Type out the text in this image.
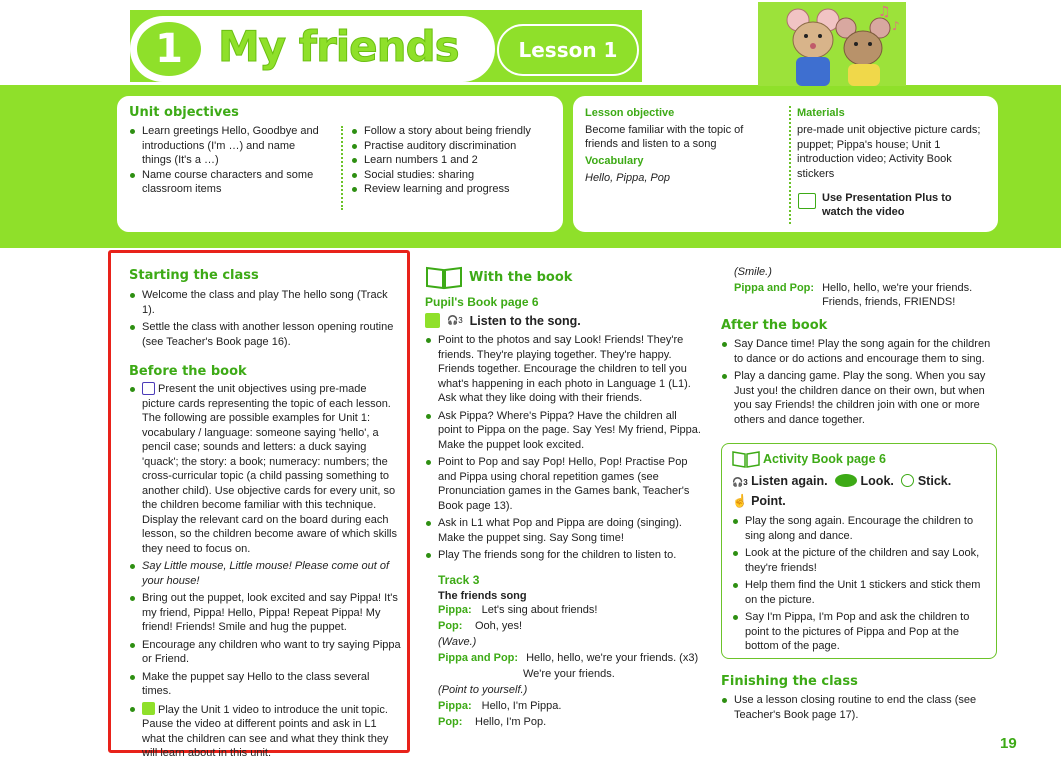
1 My friends	Lesson 1
♫
♪
Unit objectives
Learn greetings Hello, Goodbye and introductions (I'm …) and name things (It's a …)
Name course characters and some classroom items
Follow a story about being friendly
Practise auditory discrimination
Learn numbers 1 and 2
Social studies: sharing
Review learning and progress
Lesson objective
Become familiar with the topic of friends and listen to a song
Vocabulary
Hello, Pippa, Pop
Materials
pre-made unit objective picture cards; puppet; Pippa's house; Unit 1 introduction video; Activity Book stickers
Use Presentation Plus to watch the video
Starting the class
Welcome the class and play The hello song (Track 1).
Settle the class with another lesson opening routine (see Teacher's Book page 16).
Before the book
Present the unit objectives using pre-made picture cards representing the topic of each lesson. The following are possible examples for Unit 1: vocabulary / language: someone saying 'hello', a pencil case; sounds and letters: a duck saying 'quack'; the story: a book; numeracy: numbers; the cross-curricular topic (a child passing something to another child). Use objective cards for every unit, so the children become familiar with this technique. Display the relevant card on the board during each lesson, so the children become aware of which skills they need to focus on.
Say Little mouse, Little mouse! Please come out of your house!
Bring out the puppet, look excited and say Pippa! It's my friend, Pippa! Hello, Pippa! Repeat Pippa! My friend! Friends! Smile and hug the puppet.
Encourage any children who want to try saying Pippa or Friend.
Make the puppet say Hello to the class several times.
Play the Unit 1 video to introduce the unit topic. Pause the video at different points and ask in L1 what the children can see and what they think they will learn about in this unit.
With the book
Pupil's Book page 6
🎧 3 Listen to the song.
Point to the photos and say Look! Friends! They're friends. They're playing together. They're happy. Friends together. Encourage the children to tell you what's happening in each photo in Language 1 (L1). Ask what they like doing with their friends.
Ask Pippa? Where's Pippa? Have the children all point to Pippa on the page. Say Yes! My friend, Pippa. Make the puppet look excited.
Point to Pop and say Pop! Hello, Pop! Practise Pop and Pippa using choral repetition games (see Pronunciation games in the Games bank, Teacher's Book page 13).
Ask in L1 what Pop and Pippa are doing (singing). Make the puppet sing. Say Song time!
Play The friends song for the children to listen to.
Track 3
The friends song
Pippa: Let's sing about friends!
Pop:	Ooh, yes!
(Wave.)
Pippa and Pop: Hello, hello, we're your friends. (x3)
We're your friends.
(Point to yourself.)
Pippa: Hello, I'm Pippa.
Pop:	Hello, I'm Pop.
(Smile.)
Pippa and Pop: Hello, hello, we're your friends.
Friends, friends, FRIENDS!
After the book
Say Dance time! Play the song again for the children to dance or do actions and encourage them to sing.
Play a dancing game. Play the song. When you say Just you! the children dance on their own, but when you say Friends! the children join with one or more others and dance together.
Activity Book page 6
🎧3 Listen again.	Look. Stick.
☝ Point.
Play the song again. Encourage the children to sing along and dance.
Look at the picture of the children and say Look, they're friends!
Help them find the Unit 1 stickers and stick them on the picture.
Say I'm Pippa, I'm Pop and ask the children to point to the pictures of Pippa and Pop at the bottom of the page.
Finishing the class
Use a lesson closing routine to end the class (see Teacher's Book page 17).
19
